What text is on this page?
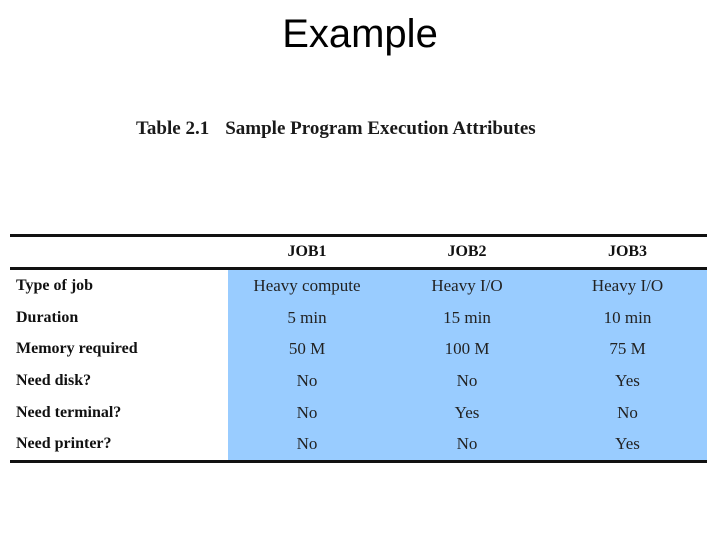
Example
Table 2.1 Sample Program Execution Attributes
	JOB1	JOB2	JOB3
Type of job	Heavy compute	Heavy I/O	Heavy I/O
Duration	5 min	15 min	10 min
Memory required	50 M	100 M	75 M
Need disk?	No	No	Yes
Need terminal?	No	Yes	No
Need printer?	No	No	Yes
